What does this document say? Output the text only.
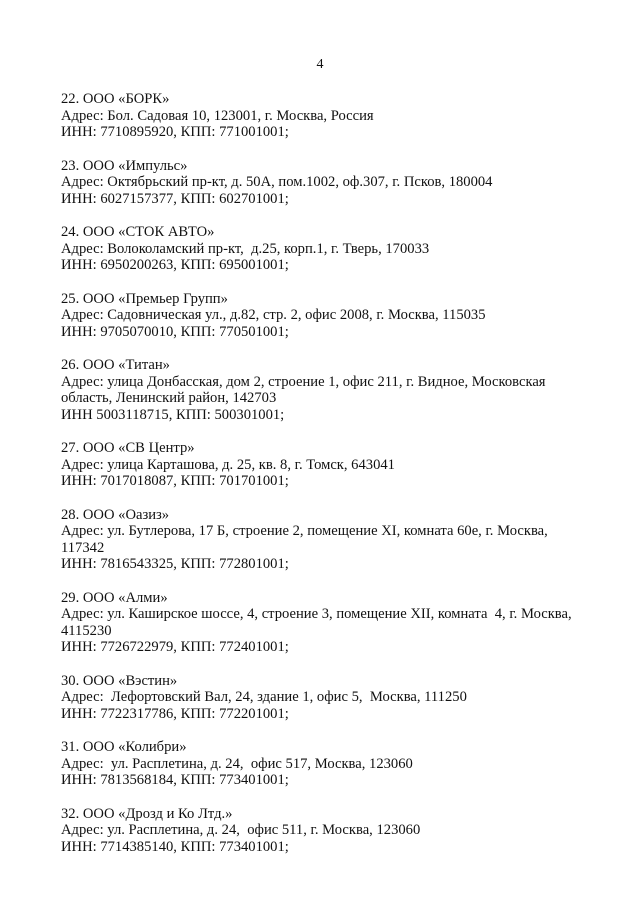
4
22. ООО «БОРК»
Адрес: Бол. Садовая 10, 123001, г. Москва, Россия
ИНН: 7710895920, КПП: 771001001;
23. ООО «Импульс»
Адрес: Октябрьский пр-кт, д. 50А, пом.1002, оф.307, г. Псков, 180004
ИНН: 6027157377, КПП: 602701001;
24. ООО «СТОК АВТО»
Адрес: Волоколамский пр-кт,  д.25, корп.1, г. Тверь, 170033
ИНН: 6950200263, КПП: 695001001;
25. ООО «Премьер Групп»
Адрес: Садовническая ул., д.82, стр. 2, офис 2008, г. Москва, 115035
ИНН: 9705070010, КПП: 770501001;
26. ООО «Титан»
Адрес: улица Донбасская, дом 2, строение 1, офис 211, г. Видное, Московская
область, Ленинский район, 142703
ИНН 5003118715, КПП: 500301001;
27. ООО «СВ Центр»
Адрес: улица Карташова, д. 25, кв. 8, г. Томск, 643041
ИНН: 7017018087, КПП: 701701001;
28. ООО «Оазиз»
Адрес: ул. Бутлерова, 17 Б, строение 2, помещение XI, комната 60е, г. Москва,
117342
ИНН: 7816543325, КПП: 772801001;
29. ООО «Алми»
Адрес: ул. Каширское шоссе, 4, строение 3, помещение XII, комната  4, г. Москва,
4115230
ИНН: 7726722979, КПП: 772401001;
30. ООО «Вэстин»
Адрес:  Лефортовский Вал, 24, здание 1, офис 5,  Москва, 111250
ИНН: 7722317786, КПП: 772201001;
31. ООО «Колибри»
Адрес:  ул. Расплетина, д. 24,  офис 517, Москва, 123060
ИНН: 7813568184, КПП: 773401001;
32. ООО «Дрозд и Ко Лтд.»
Адрес: ул. Расплетина, д. 24,  офис 511, г. Москва, 123060
ИНН: 7714385140, КПП: 773401001;
